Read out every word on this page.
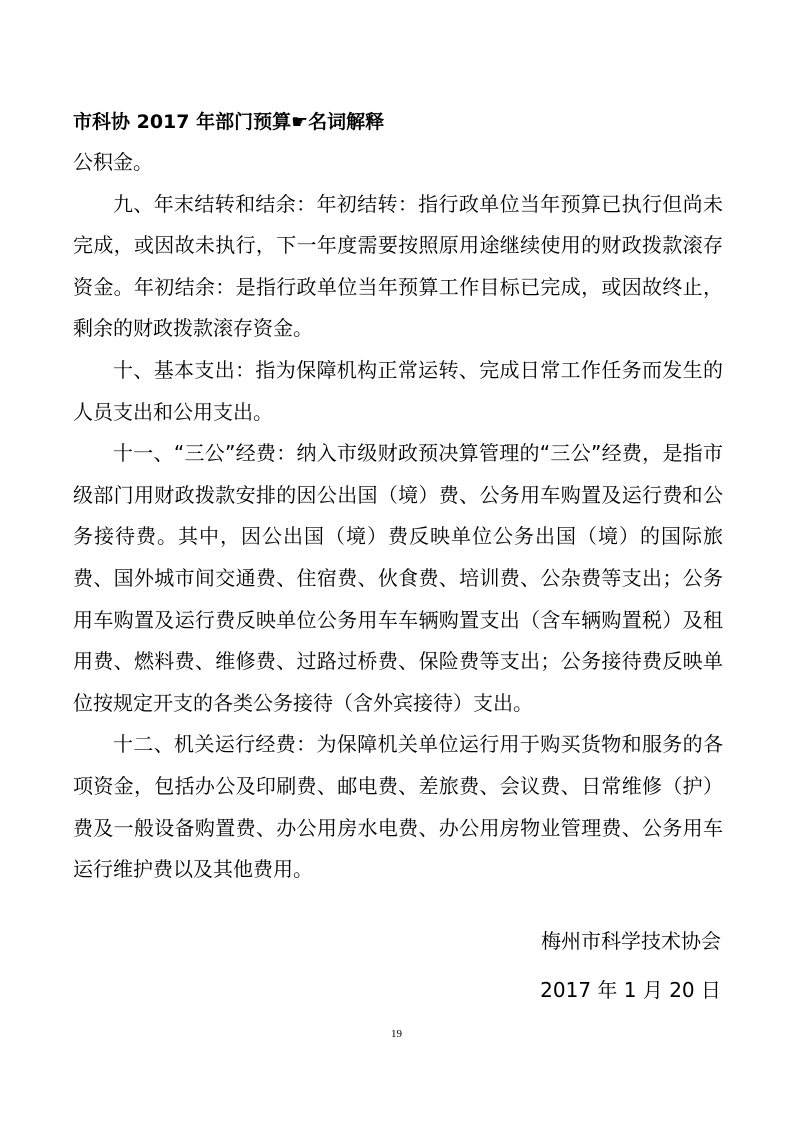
市科协 2017 年部门预算☛名词解释

公积金。

九、年末结转和结余：年初结转：指行政单位当年预算已执行但尚未完成，或因故未执行，下一年度需要按照原用途继续使用的财政拨款滚存资金。年初结余：是指行政单位当年预算工作目标已完成，或因故终止，剩余的财政拨款滚存资金。

十、基本支出：指为保障机构正常运转、完成日常工作任务而发生的人员支出和公用支出。

十一、“三公”经费：纳入市级财政预决算管理的“三公”经费，是指市级部门用财政拨款安排的因公出国（境）费、公务用车购置及运行费和公务接待费。其中，因公出国（境）费反映单位公务出国（境）的国际旅费、国外城市间交通费、住宿费、伙食费、培训费、公杂费等支出；公务用车购置及运行费反映单位公务用车车辆购置支出（含车辆购置税）及租用费、燃料费、维修费、过路过桥费、保险费等支出；公务接待费反映单位按规定开支的各类公务接待（含外宾接待）支出。

十二、机关运行经费：为保障机关单位运行用于购买货物和服务的各项资金，包括办公及印刷费、邮电费、差旅费、会议费、日常维修（护）费及一般设备购置费、办公用房水电费、办公用房物业管理费、公务用车运行维护费以及其他费用。

梅州市科学技术协会
2017 年 1 月 20 日
19
